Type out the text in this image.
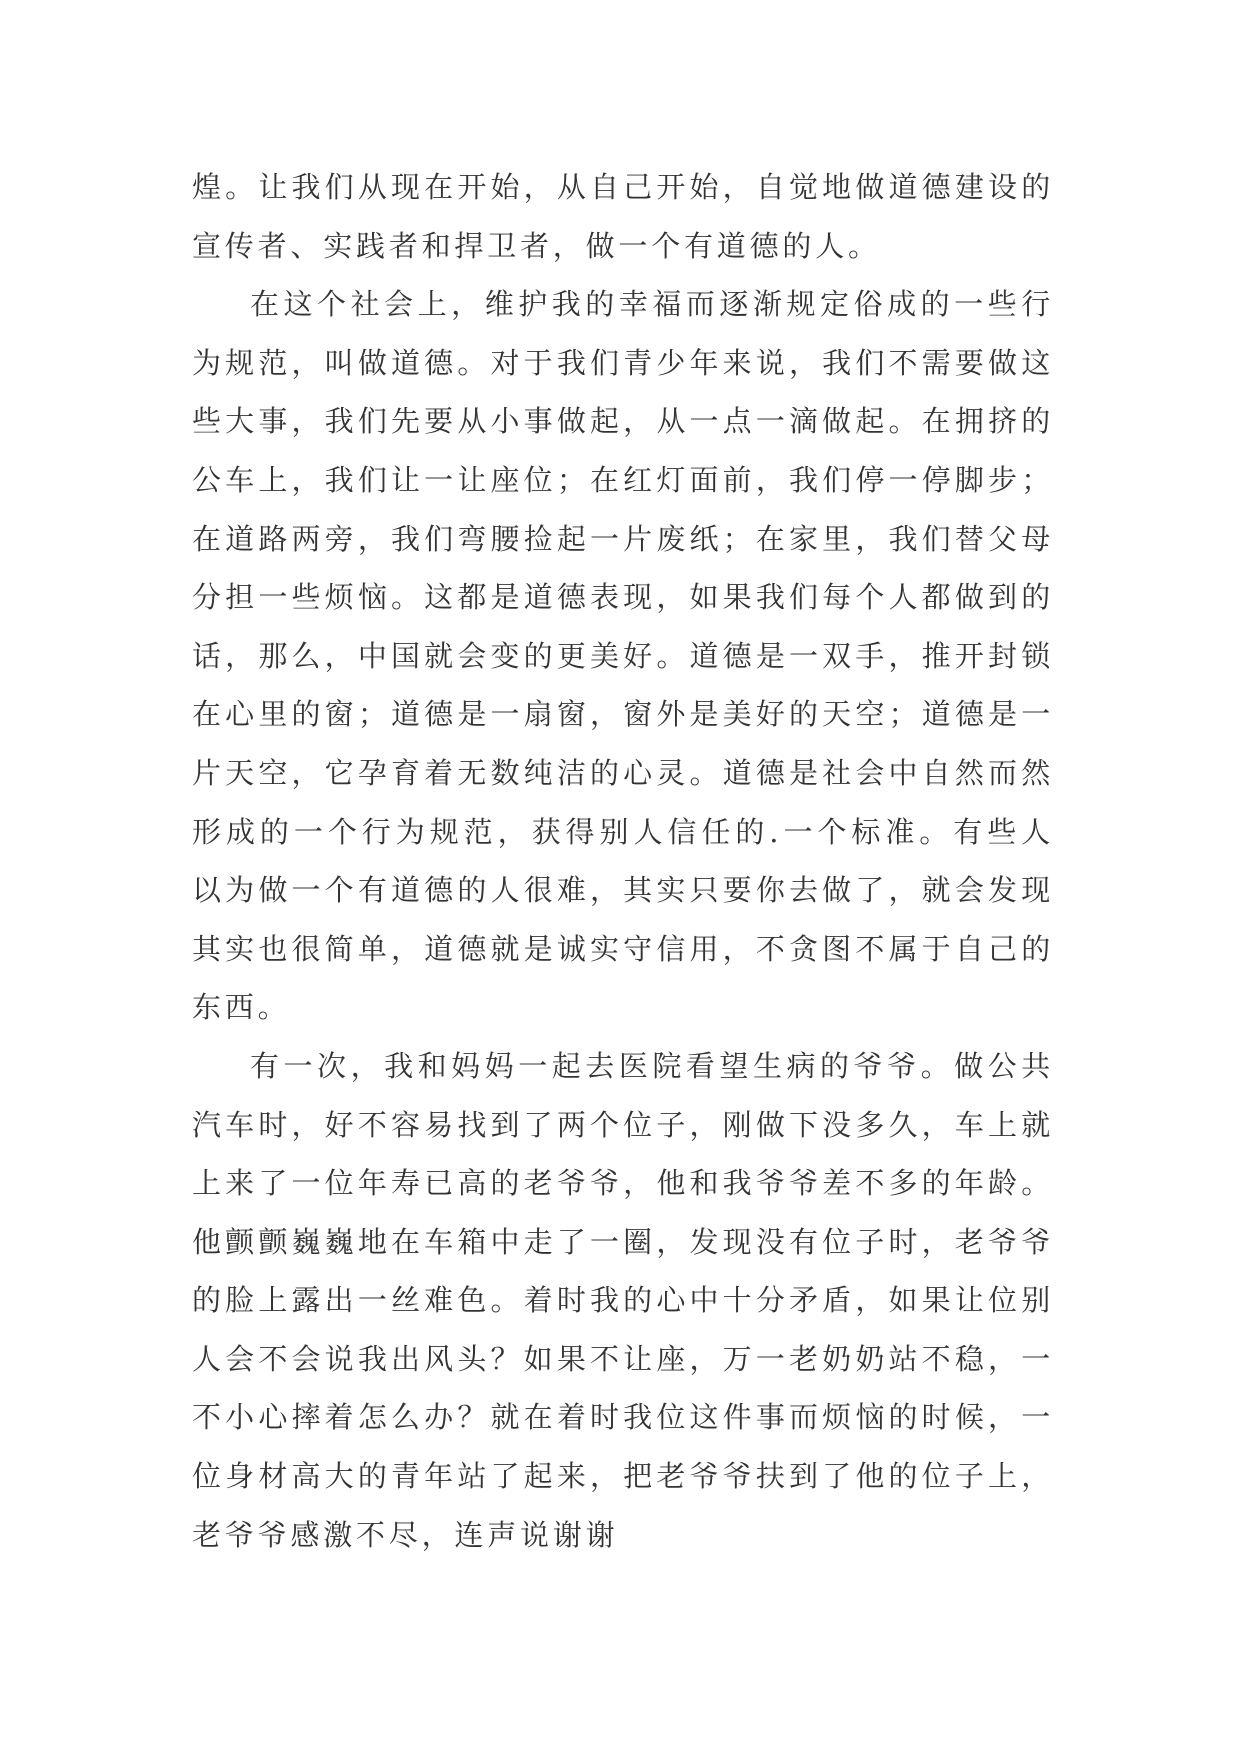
煌。让我们从现在开始，从自己开始，自觉地做道德建设的宣传者、实践者和捍卫者，做一个有道德的人。

在这个社会上，维护我的幸福而逐渐规定俗成的一些行为规范，叫做道德。对于我们青少年来说，我们不需要做这些大事，我们先要从小事做起，从一点一滴做起。在拥挤的公车上，我们让一让座位；在红灯面前，我们停一停脚步；在道路两旁，我们弯腰捡起一片废纸；在家里，我们替父母分担一些烦恼。这都是道德表现，如果我们每个人都做到的话，那么，中国就会变的更美好。道德是一双手，推开封锁在心里的窗；道德是一扇窗，窗外是美好的天空；道德是一片天空，它孕育着无数纯洁的心灵。道德是社会中自然而然形成的一个行为规范，获得别人信任的.一个标准。有些人以为做一个有道德的人很难，其实只要你去做了，就会发现其实也很简单，道德就是诚实守信用，不贪图不属于自己的东西。

有一次，我和妈妈一起去医院看望生病的爷爷。做公共汽车时，好不容易找到了两个位子，刚做下没多久，车上就上来了一位年寿已高的老爷爷，他和我爷爷差不多的年龄。他颤颤巍巍地在车箱中走了一圈，发现没有位子时，老爷爷的脸上露出一丝难色。着时我的心中十分矛盾，如果让位别人会不会说我出风头？如果不让座，万一老奶奶站不稳，一不小心摔着怎么办？就在着时我位这件事而烦恼的时候，一位身材高大的青年站了起来，把老爷爷扶到了他的位子上，老爷爷感激不尽，连声说谢谢
